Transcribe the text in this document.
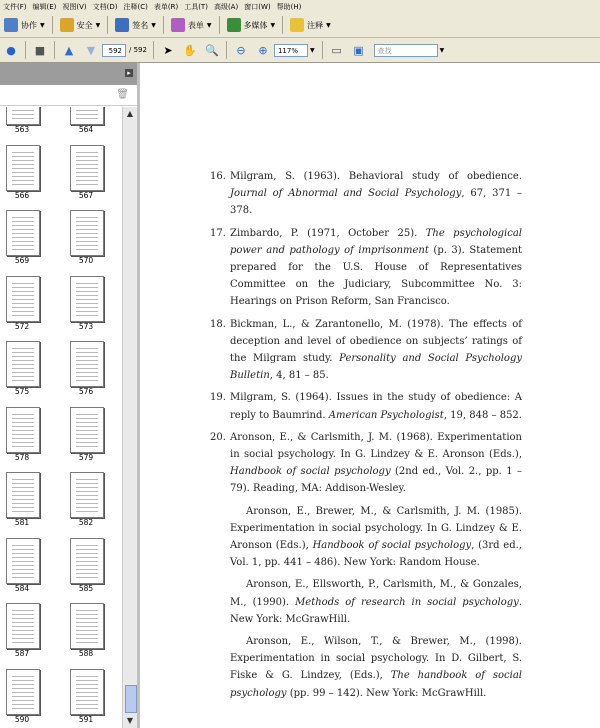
文件(F) 编辑(E) 视图(V) 文档(D) 注释(C) 表单(R) 工具(T) 高级(A) 窗口(W) 帮助(H)
协作 ▼	安全 ▼	签名 ▼	表单 ▼	多媒体 ▼	注释 ▼
● ■	▲	▼	592	/ 592	➤ ✋ 🔍	⊖	⊕	117%	▼ ▭ ▣	查找	▼
▸
🗑
563	564
566	567
569	570
572	573
575	576
578	579
581	582
584	585
587	588
590	591
▲
▼
16. Milgram, S. (1963). Behavioral study of obedience. Journal of Abnormal and Social Psychology, 67, 371 – 378.
17. Zimbardo, P. (1971, October 25). The psychological power and pathology of imprisonment (p. 3). Statement prepared for the U.S. House of Representatives Committee on the Judiciary, Subcommittee No. 3: Hearings on Prison Reform, San Francisco.
18. Bickman, L., & Zarantonello, M. (1978). The effects of deception and level of obedience on subjects’ ratings of the Milgram study. Personality and Social Psychology Bulletin, 4, 81 – 85.
19. Milgram, S. (1964). Issues in the study of obedience: A reply to Baumrind. American Psychologist, 19, 848 – 852.
20. Aronson, E., & Carlsmith, J. M. (1968). Experimentation in social psychology. In G. Lindzey & E. Aronson (Eds.), Handbook of social psychology (2nd ed., Vol. 2., pp. 1 – 79). Reading, MA: Addison-Wesley.
Aronson, E., Brewer, M., & Carlsmith, J. M. (1985). Experimentation in social psychology. In G. Lindzey & E. Aronson (Eds.), Handbook of social psychology, (3rd ed., Vol. 1, pp. 441 – 486). New York: Random House.
Aronson, E., Ellsworth, P., Carlsmith, M., & Gonzales, M., (1990). Methods of research in social psychology. New York: McGrawHill.
Aronson, E., Wilson, T., & Brewer, M., (1998). Experimentation in social psychology. In D. Gilbert, S. Fiske & G. Lindzey, (Eds.), The handbook of social psychology (pp. 99 – 142). New York: McGrawHill.
